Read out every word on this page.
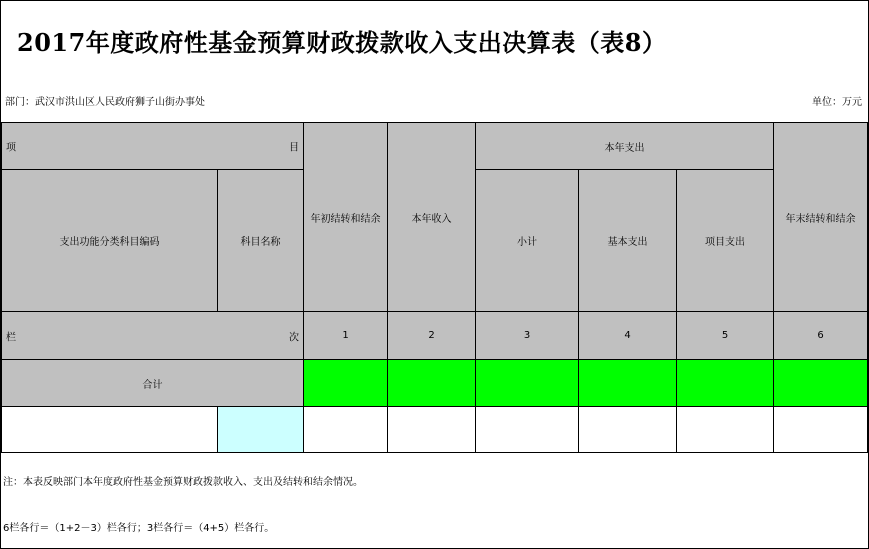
2017年度政府性基金预算财政拨款收入支出决算表（表8）
部门：武汉市洪山区人民政府狮子山街办事处	单位：万元
项 目		年初结转和结余	本年收入	本年支出			年末结转和结余
支出功能分类科目编码	科目名称			小计	基本支出	项目支出	

栏 次		1	2	3	4	5	6
合计							

注：本表反映部门本年度政府性基金预算财政拨款收入、支出及结转和结余情况。
6栏各行＝（1+2－3）栏各行；3栏各行＝（4+5）栏各行。
